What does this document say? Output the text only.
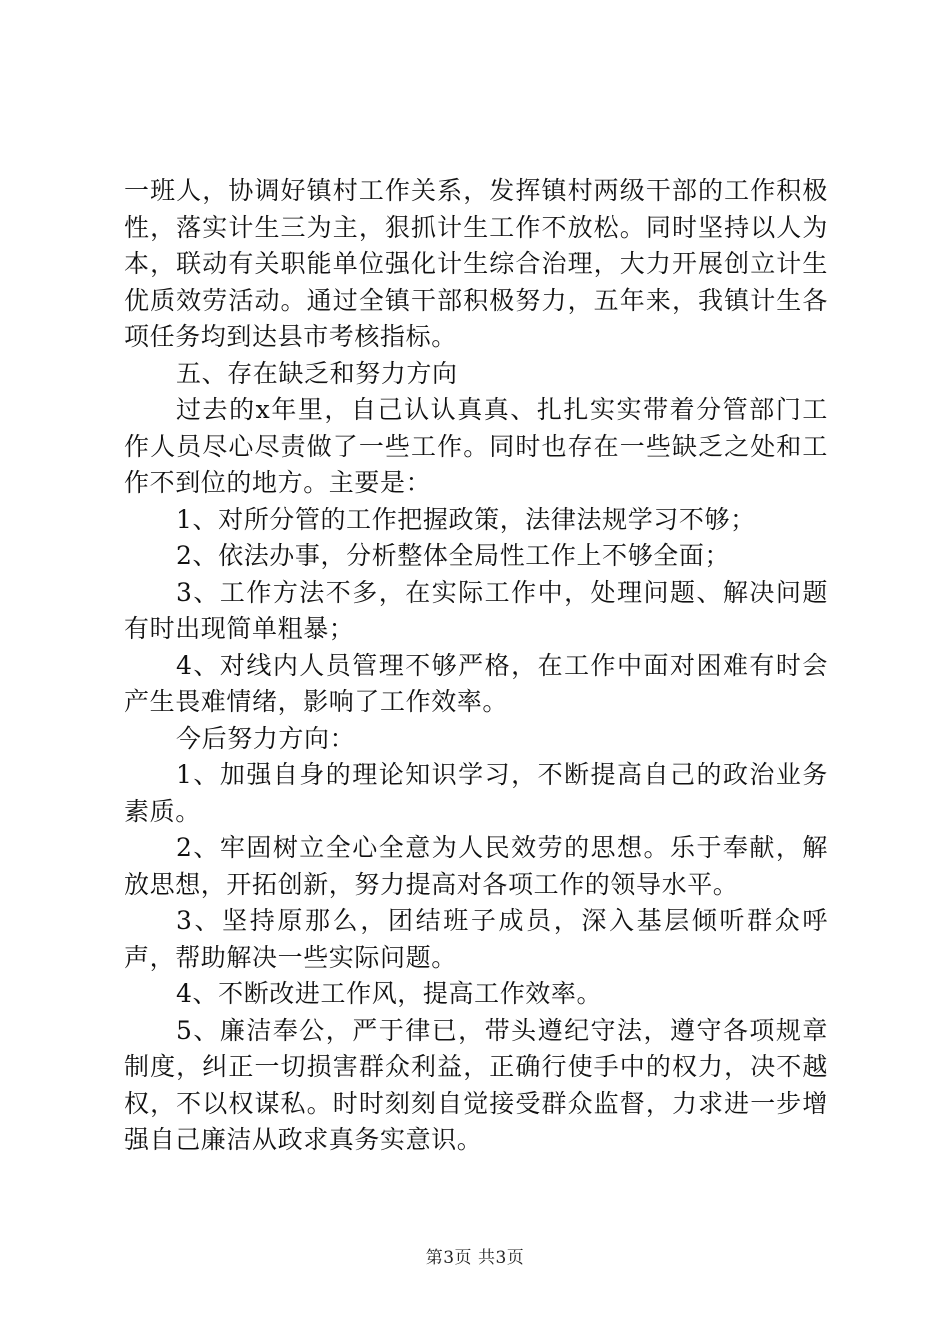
一班人，协调好镇村工作关系，发挥镇村两级干部的工作积极性，落实计生三为主，狠抓计生工作不放松。同时坚持以人为本，联动有关职能单位强化计生综合治理，大力开展创立计生优质效劳活动。通过全镇干部积极努力，五年来，我镇计生各项任务均到达县市考核指标。

五、存在缺乏和努力方向

过去的x年里，自己认认真真、扎扎实实带着分管部门工作人员尽心尽责做了一些工作。同时也存在一些缺乏之处和工作不到位的地方。主要是：

1、对所分管的工作把握政策，法律法规学习不够；

2、依法办事，分析整体全局性工作上不够全面；

3、工作方法不多，在实际工作中，处理问题、解决问题有时出现简单粗暴；

4、对线内人员管理不够严格，在工作中面对困难有时会产生畏难情绪，影响了工作效率。

今后努力方向：

1、加强自身的理论知识学习，不断提高自己的政治业务素质。

2、牢固树立全心全意为人民效劳的思想。乐于奉献，解放思想，开拓创新，努力提高对各项工作的领导水平。

3、坚持原那么，团结班子成员，深入基层倾听群众呼声，帮助解决一些实际问题。

4、不断改进工作风，提高工作效率。

5、廉洁奉公，严于律已，带头遵纪守法，遵守各项规章制度，纠正一切损害群众利益，正确行使手中的权力，决不越权，不以权谋私。时时刻刻自觉接受群众监督，力求进一步增强自己廉洁从政求真务实意识。

第3页 共3页
